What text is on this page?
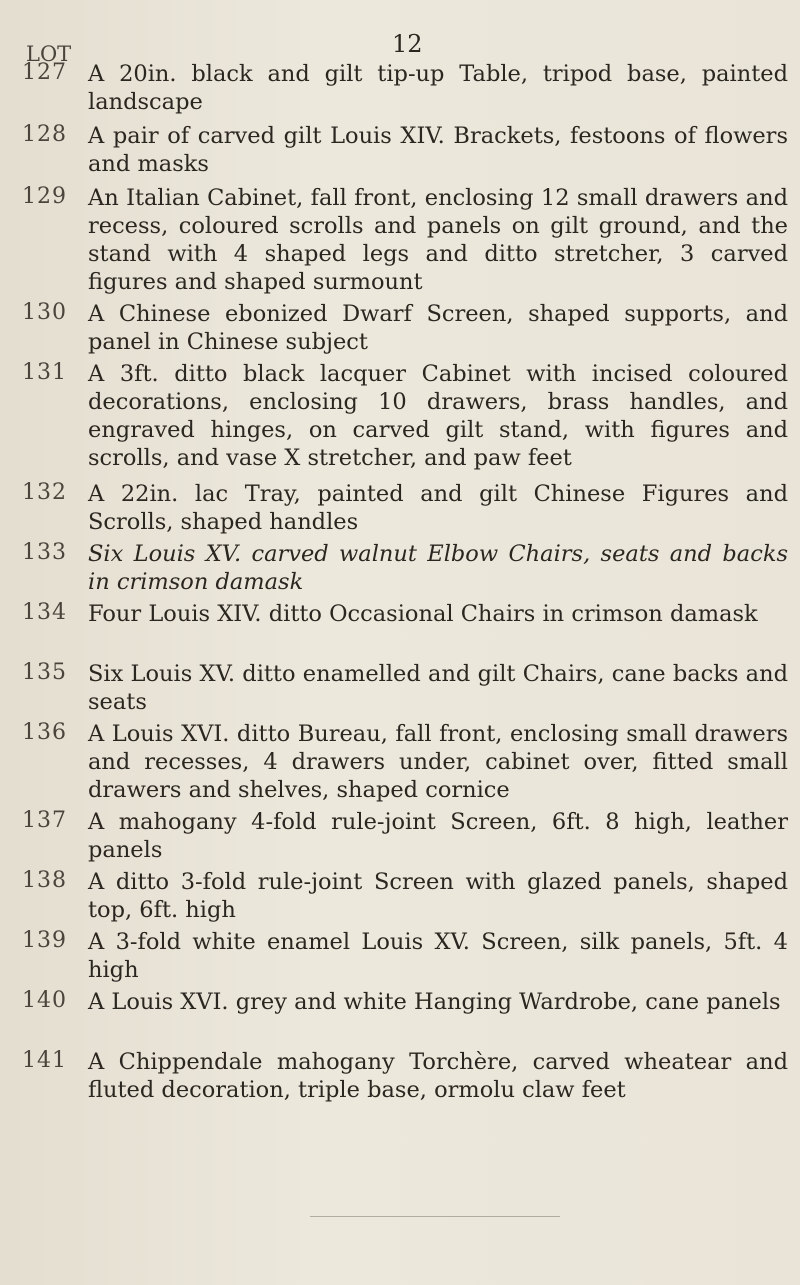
LOT	12
127 A 20in. black and gilt tip-up Table, tripod base, painted landscape

128 A pair of carved gilt Louis XIV. Brackets, festoons of flowers and masks

129 An Italian Cabinet, fall front, enclosing 12 small drawers and recess, coloured scrolls and panels on gilt ground, and the stand with 4 shaped legs and ditto stretcher, 3 carved figures and shaped surmount

130 A Chinese ebonized Dwarf Screen, shaped supports, and panel in Chinese subject

131 A 3ft. ditto black lacquer Cabinet with incised coloured decorations, enclosing 10 drawers, brass handles, and engraved hinges, on carved gilt stand, with figures and scrolls, and vase X stretcher, and paw feet

132 A 22in. lac Tray, painted and gilt Chinese Figures and Scrolls, shaped handles

133 Six Louis XV. carved walnut Elbow Chairs, seats and backs in crimson damask

134 Four Louis XIV. ditto Occasional Chairs in crimson damask

135 Six Louis XV. ditto enamelled and gilt Chairs, cane backs and seats

136 A Louis XVI. ditto Bureau, fall front, enclosing small drawers and recesses, 4 drawers under, cabinet over, fitted small drawers and shelves, shaped cornice

137 A mahogany 4-fold rule-joint Screen, 6ft. 8 high, leather panels

138 A ditto 3-fold rule-joint Screen with glazed panels, shaped top, 6ft. high

139 A 3-fold white enamel Louis XV. Screen, silk panels, 5ft. 4 high

140 A Louis XVI. grey and white Hanging Wardrobe, cane panels

141 A Chippendale mahogany Torchère, carved wheatear and fluted decoration, triple base, ormolu claw feet
